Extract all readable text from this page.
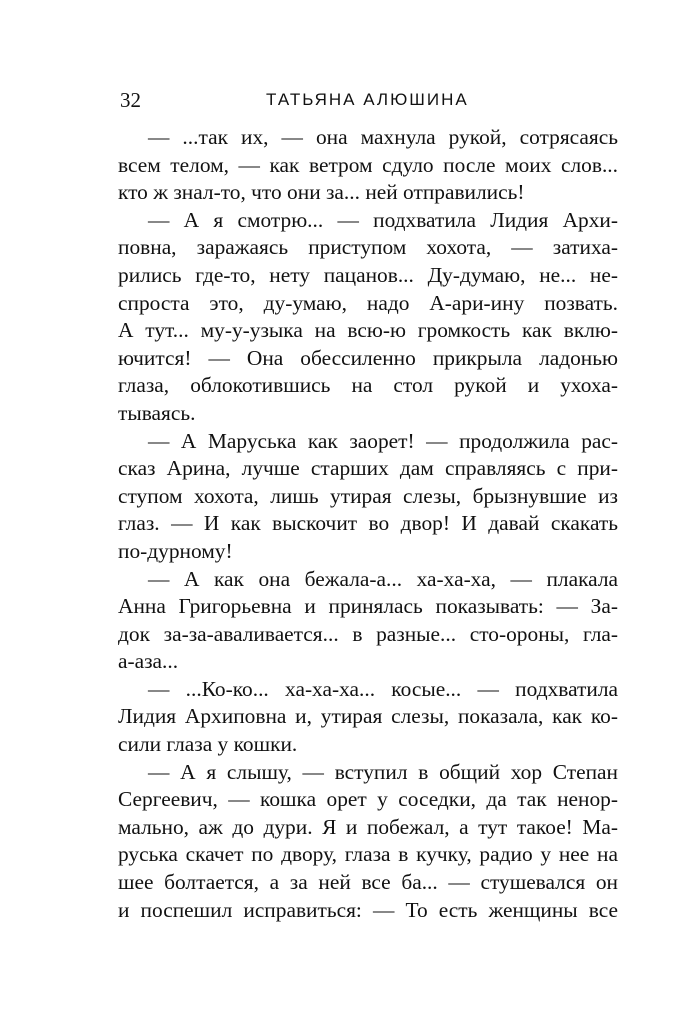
32	ТАТЬЯНА АЛЮШИНА
— ...так их, — она махнула рукой, сотрясаясь
всем телом, — как ветром сдуло после моих слов...
кто ж знал-то, что они за... ней отправились!
— А я смотрю... — подхватила Лидия Архи-
повна, заражаясь приступом хохота, — затиха-
рились где-то, нету пацанов... Ду-думаю, не... не-
спроста это, ду-умаю, надо А-ари-ину позвать.
А тут... му-у-узыка на всю-ю громкость как вклю-
ючится! — Она обессиленно прикрыла ладонью
глаза, облокотившись на стол рукой и ухоха-
тываясь.
— А Маруська как заорет! — продолжила рас-
сказ Арина, лучше старших дам справляясь с при-
ступом хохота, лишь утирая слезы, брызнувшие из
глаз. — И как выскочит во двор! И давай скакать
по-дурному!
— А как она бежала-а... ха-ха-ха, — плакала
Анна Григорьевна и принялась показывать: — За-
док за-за-аваливается... в разные... сто-ороны, гла-
а-аза...
— ...Ко-ко... ха-ха-ха... косые... — подхватила
Лидия Архиповна и, утирая слезы, показала, как ко-
сили глаза у кошки.
— А я слышу, — вступил в общий хор Степан
Сергеевич, — кошка орет у соседки, да так ненор-
мально, аж до дури. Я и побежал, а тут такое! Ма-
руська скачет по двору, глаза в кучку, радио у нее на
шее болтается, а за ней все ба... — стушевался он
и поспешил исправиться: — То есть женщины все
